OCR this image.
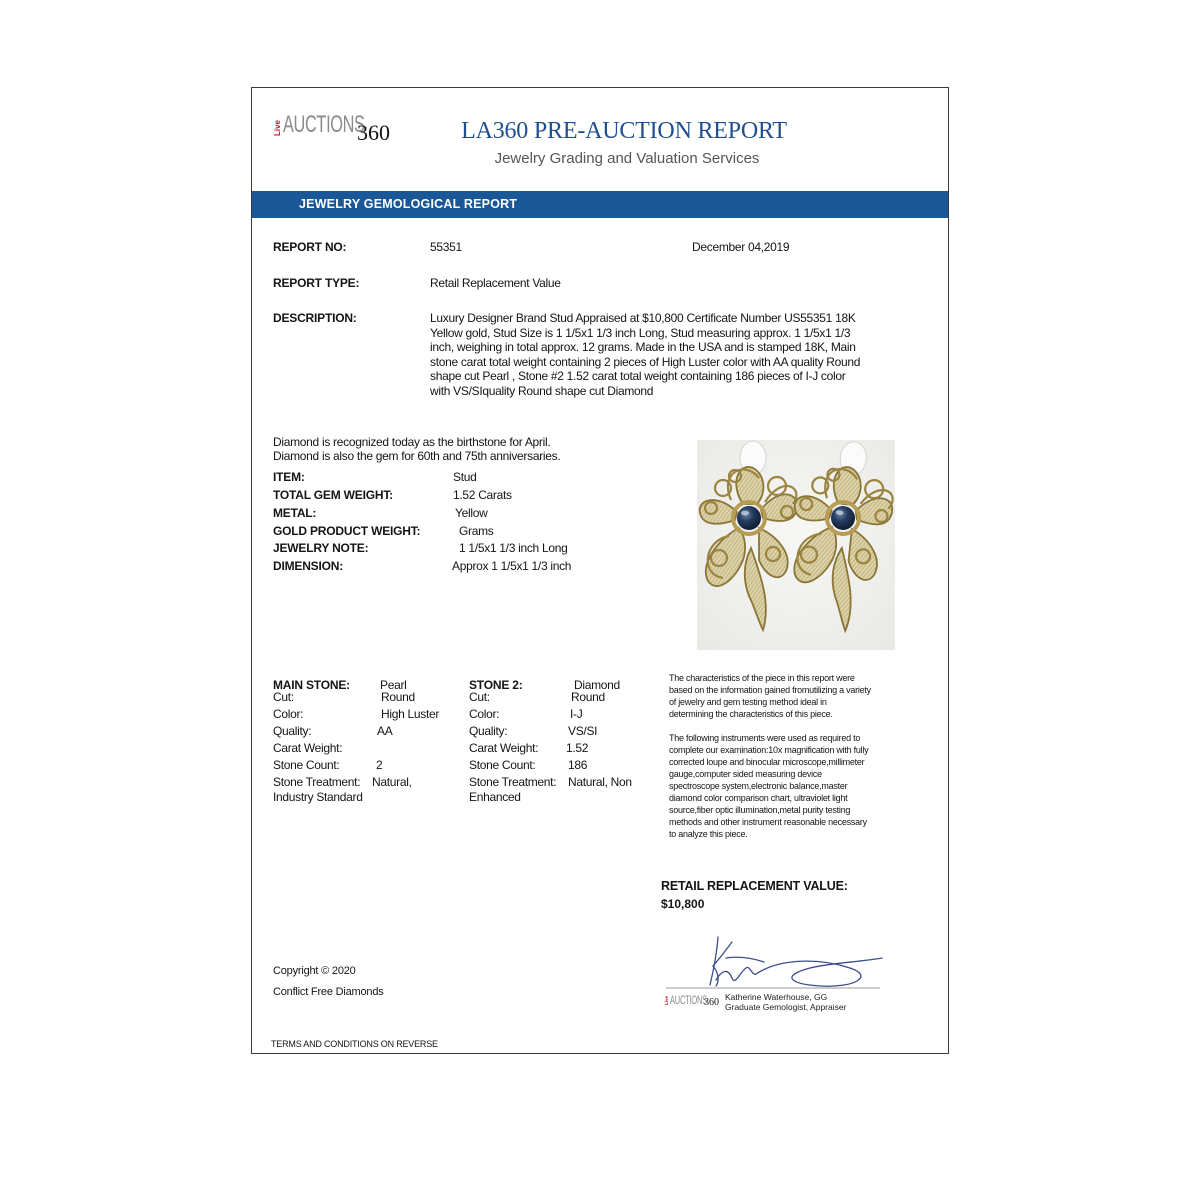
Live AUCTIONS
360	LA360 PRE-AUCTION REPORT
Jewelry Grading and Valuation Services
JEWELRY GEMOLOGICAL REPORT
REPORT NO:	55351	December 04,2019
REPORT TYPE:	Retail Replacement Value
DESCRIPTION:	Luxury Designer Brand Stud Appraised at $10,800 Certificate Number US55351 18K
Yellow gold, Stud Size is 1 1/5x1 1/3 inch Long, Stud measuring approx. 1 1/5x1 1/3
inch, weighing in total approx. 12 grams. Made in the USA and is stamped 18K, Main
stone carat total weight containing 2 pieces of High Luster color with AA quality Round
shape cut Pearl , Stone #2 1.52 carat total weight containing 186 pieces of I-J color
with VS/SIquality Round shape cut Diamond
Diamond is recognized today as the birthstone for April.
Diamond is also the gem for 60th and 75th anniversaries.
ITEM:	Stud
TOTAL GEM WEIGHT:	1.52 Carats
METAL:	Yellow
GOLD PRODUCT WEIGHT:	Grams
JEWELRY NOTE:	1 1/5x1 1/3 inch Long
DIMENSION:	Approx 1 1/5x1 1/3 inch
MAIN STONE:	Pearl
Cut:	Round
Color:	High Luster
Quality:	AA
Carat Weight:
Stone Count:	2
Stone Treatment: Natural,
Industry Standard
STONE 2:	Diamond
Cut:	Round
Color:	I-J
Quality:	VS/SI
Carat Weight: 1.52
Stone Count:	186
Stone Treatment: Natural, Non
Enhanced
The characteristics of the piece in this report were
based on the information gained fromutilizing a variety
of jewelry and gem testing method ideal in
determining the characteristics of this piece.
The following instruments were used as required to
complete our examination:10x magnification with fully
corrected loupe and binocular microscope,millimeter
gauge,computer sided measuring device
spectroscope system,electronic balance,master
diamond color comparison chart, ultraviolet light
source,fiber optic illumination,metal purity testing
methods and other instrument reasonable necessary
to analyze this piece.
RETAIL REPLACEMENT VALUE:
$10,800
Live AUCTIONS
360 Katherine Waterhouse, GG
Graduate Gemologist, Appraiser
Copyright © 2020
Conflict Free Diamonds
TERMS AND CONDITIONS ON REVERSE
